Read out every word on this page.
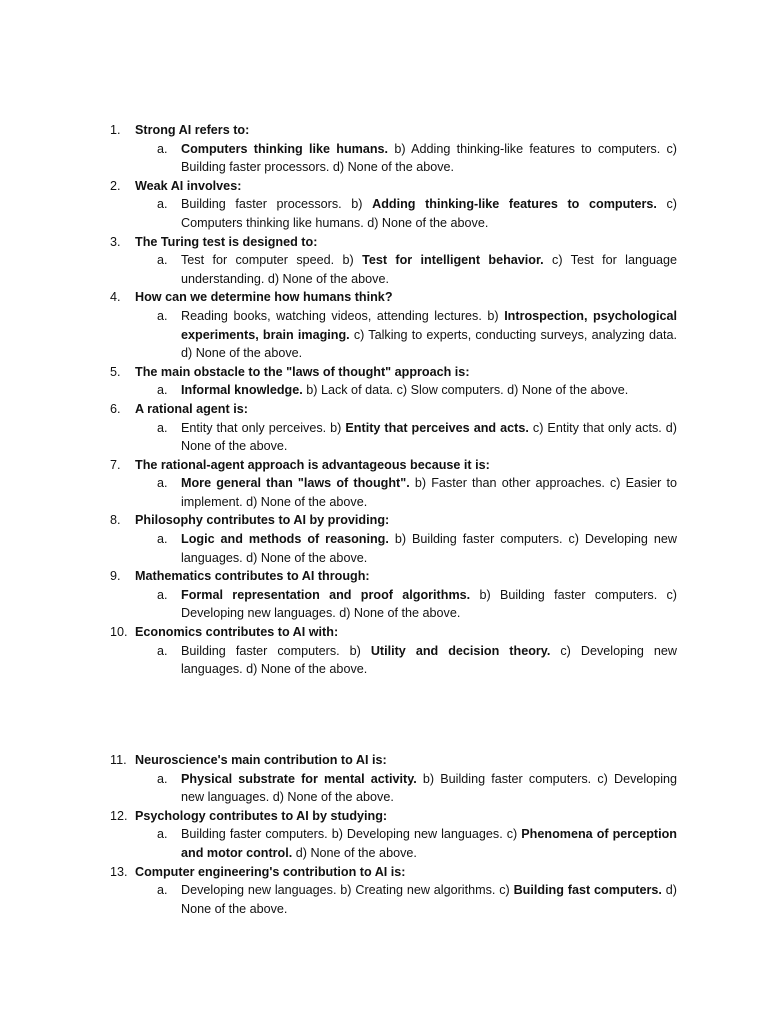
1.	Strong AI refers to:
a. Computers thinking like humans. b) Adding thinking-like features to computers. c) Building faster processors. d) None of the above.
2.	Weak AI involves:
a. Building faster processors. b) Adding thinking-like features to computers. c) Computers thinking like humans. d) None of the above.
3.	The Turing test is designed to:
a. Test for computer speed. b) Test for intelligent behavior. c) Test for language understanding. d) None of the above.
4.	How can we determine how humans think?
a. Reading books, watching videos, attending lectures. b) Introspection, psychological experiments, brain imaging. c) Talking to experts, conducting surveys, analyzing data. d) None of the above.
5.	The main obstacle to the "laws of thought" approach is:
a. Informal knowledge. b) Lack of data. c) Slow computers. d) None of the above.
6.	A rational agent is:
a. Entity that only perceives. b) Entity that perceives and acts. c) Entity that only acts. d) None of the above.
7.	The rational-agent approach is advantageous because it is:
a. More general than "laws of thought". b) Faster than other approaches. c) Easier to implement. d) None of the above.
8.	Philosophy contributes to AI by providing:
a. Logic and methods of reasoning. b) Building faster computers. c) Developing new languages. d) None of the above.
9.	Mathematics contributes to AI through:
a. Formal representation and proof algorithms. b) Building faster computers. c) Developing new languages. d) None of the above.
10. Economics contributes to AI with:
a. Building faster computers. b) Utility and decision theory. c) Developing new languages. d) None of the above.
11. Neuroscience's main contribution to AI is:
a. Physical substrate for mental activity. b) Building faster computers. c) Developing new languages. d) None of the above.
12. Psychology contributes to AI by studying:
a. Building faster computers. b) Developing new languages. c) Phenomena of perception and motor control. d) None of the above.
13. Computer engineering's contribution to AI is:
a. Developing new languages. b) Creating new algorithms. c) Building fast computers. d) None of the above.
